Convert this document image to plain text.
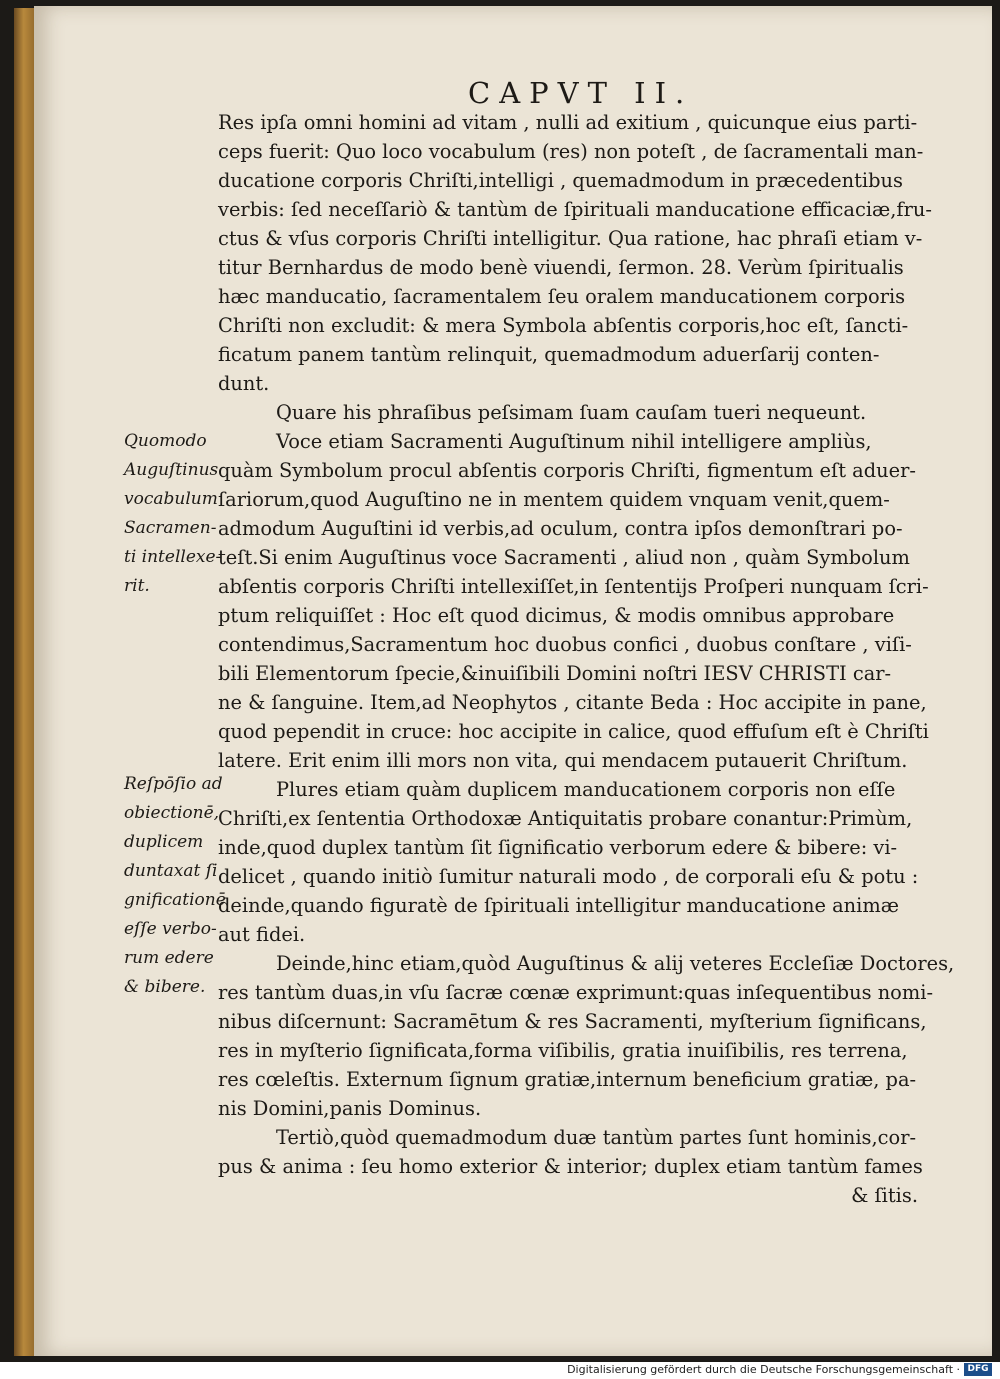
CAPVT II.
Res ipſa omni homini ad vitam , nulli ad exitium , quicunque eius parti-
ceps fuerit: Quo loco vocabulum (res) non poteſt , de ſacramentali man-
ducatione corporis Chriſti,intelligi , quemadmodum in præcedentibus
verbis: ſed neceſſariò & tantùm de ſpirituali manducatione efficaciæ,fru-
ctus & vſus corporis Chriſti intelligitur. Qua ratione, hac phraſi etiam v-
titur Bernhardus de modo benè viuendi, ſermon. 28. Verùm ſpiritualis
hæc manducatio, ſacramentalem ſeu oralem manducationem corporis
Chriſti non excludit: & mera Symbola abſentis corporis,hoc eſt, ſancti-
ficatum panem tantùm relinquit, quemadmodum aduerſarij conten-
dunt.
Quare his phraſibus peſsimam ſuam cauſam tueri nequeunt.
Voce etiam Sacramenti Auguſtinum nihil intelligere ampliùs,
quàm Symbolum procul abſentis corporis Chriſti, figmentum eſt aduer-
ſariorum,quod Auguſtino ne in mentem quidem vnquam venit,quem-
admodum Auguſtini id verbis,ad oculum, contra ipſos demonſtrari po-
teſt.Si enim Auguſtinus voce Sacramenti , aliud non , quàm Symbolum
abſentis corporis Chriſti intellexiſſet,in ſententijs Proſperi nunquam ſcri-
ptum reliquiſſet : Hoc eſt quod dicimus, & modis omnibus approbare
contendimus,Sacramentum hoc duobus confici , duobus conſtare , viſi-
bili Elementorum ſpecie,&inuiſibili Domini noſtri IESV CHRISTI car-
ne & ſanguine. Item,ad Neophytos , citante Beda : Hoc accipite in pane,
quod pependit in cruce: hoc accipite in calice, quod effuſum eſt è Chriſti
latere. Erit enim illi mors non vita, qui mendacem putauerit Chriſtum.
Plures etiam quàm duplicem manducationem corporis non eſſe
Chriſti,ex ſententia Orthodoxæ Antiquitatis probare conantur:Primùm,
inde,quod duplex tantùm ſit ſignificatio verborum edere & bibere: vi-
delicet , quando initiò ſumitur naturali modo , de corporali eſu & potu :
deinde,quando figuratè de ſpirituali intelligitur manducatione animæ
aut fidei.
Deinde,hinc etiam,quòd Auguſtinus & alij veteres Eccleſiæ Doctores,
res tantùm duas,in vſu ſacræ cœnæ exprimunt:quas inſequentibus nomi-
nibus diſcernunt: Sacramētum & res Sacramenti, myſterium ſignificans,
res in myſterio ſignificata,forma viſibilis, gratia inuiſibilis, res terrena,
res cœleſtis. Externum ſignum gratiæ,internum beneficium gratiæ, pa-
nis Domini,panis Dominus.
Tertiò,quòd quemadmodum duæ tantùm partes ſunt hominis,cor-
pus & anima : ſeu homo exterior & interior; duplex etiam tantùm fames
& ſitis.
Quomodo
Auguſtinus
vocabulum
Sacramen-
ti intellexe-
rit.
Reſpōſio ad
obiectionē,
duplicem
duntaxat ſi
gnificationē
eſſe verbo-
rum edere
& bibere.
Digitalisierung gefördert durch die Deutsche Forschungsgemeinschaft · DFG
